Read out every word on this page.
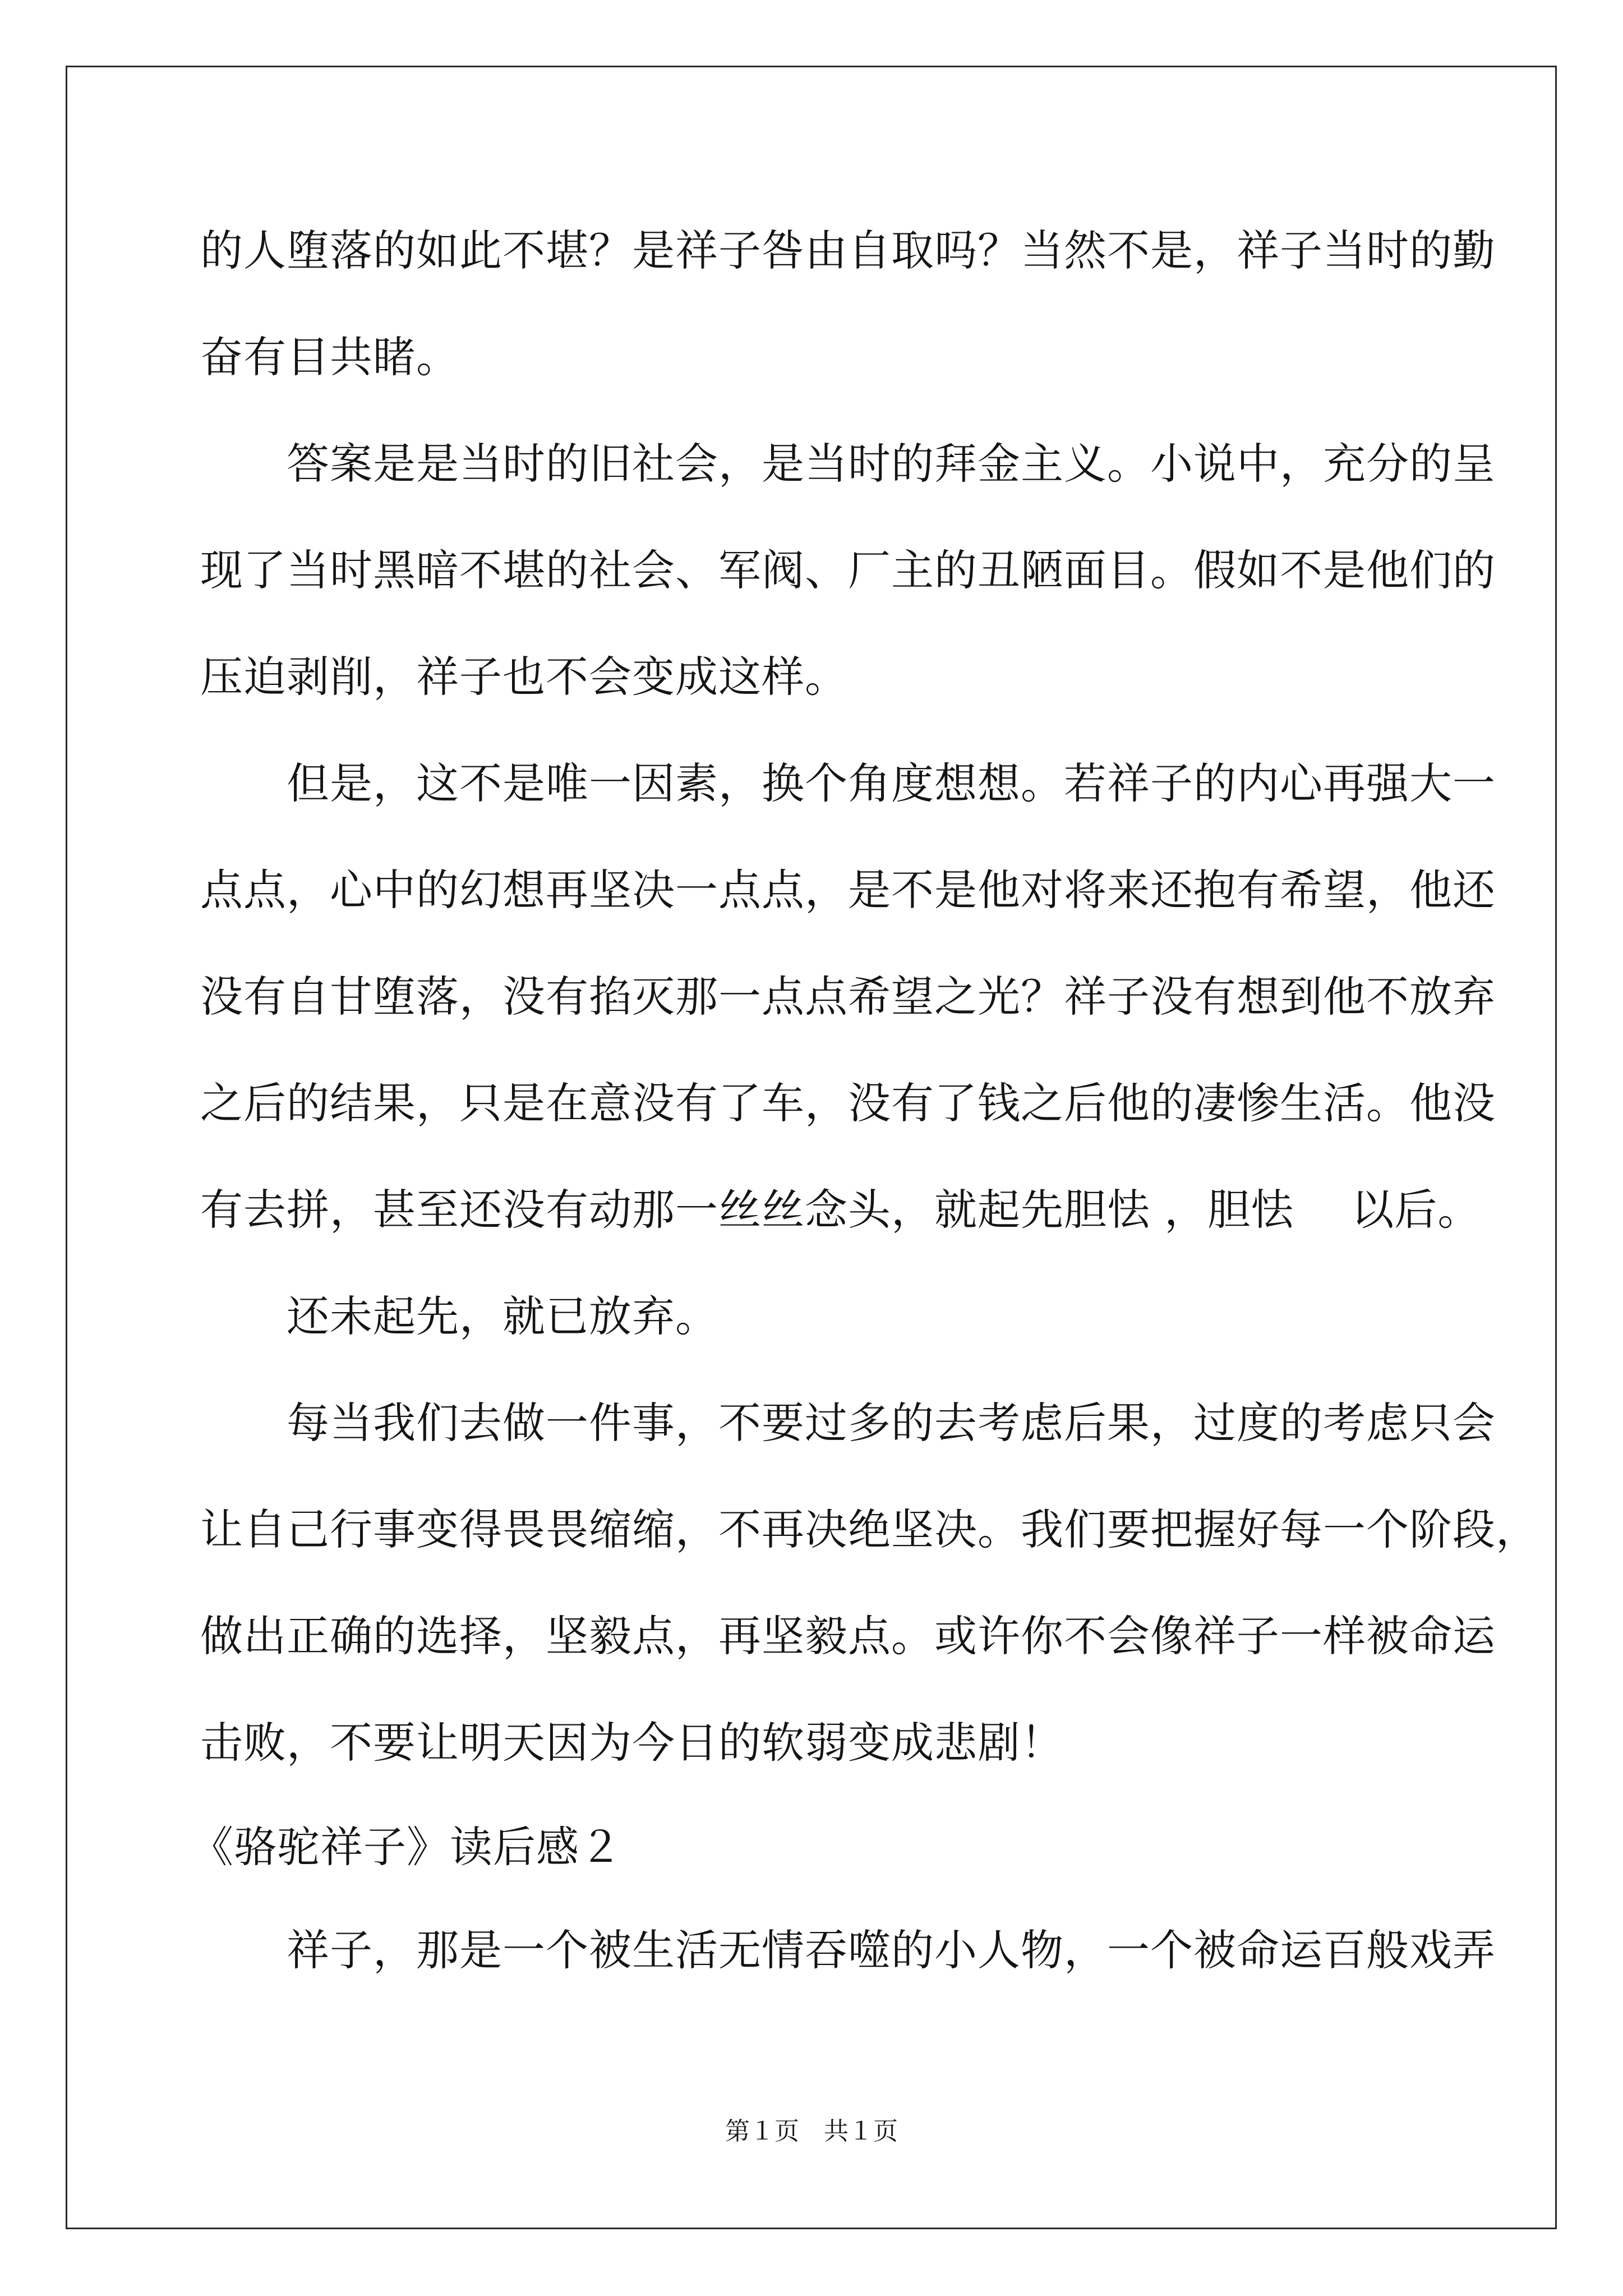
的人堕落的如此不堪？是祥子咎由自取吗？当然不是，祥子当时的勤
奋有目共睹。
　　答案是是当时的旧社会，是当时的拜金主义。小说中，充分的呈
现了当时黑暗不堪的社会、军阀、厂主的丑陋面目。假如不是他们的
压迫剥削，祥子也不会变成这样。
　　但是，这不是唯一因素，换个角度想想。若祥子的内心再强大一
点点，心中的幻想再坚决一点点，是不是他对将来还抱有希望，他还
没有自甘堕落，没有掐灭那一点点希望之光？祥子没有想到他不放弃
之后的结果，只是在意没有了车，没有了钱之后他的凄惨生活。他没
有去拼，甚至还没有动那一丝丝念头，就起先胆怯 ，胆怯　 以后。
　　还未起先，就已放弃。
　　每当我们去做一件事，不要过多的去考虑后果，过度的考虑只会
让自己行事变得畏畏缩缩，不再决绝坚决。我们要把握好每一个阶段，
做出正确的选择，坚毅点，再坚毅点。或许你不会像祥子一样被命运
击败，不要让明天因为今日的软弱变成悲剧！
《骆驼祥子》读后感２
　　祥子，那是一个被生活无情吞噬的小人物，一个被命运百般戏弄
第１页　共１页
